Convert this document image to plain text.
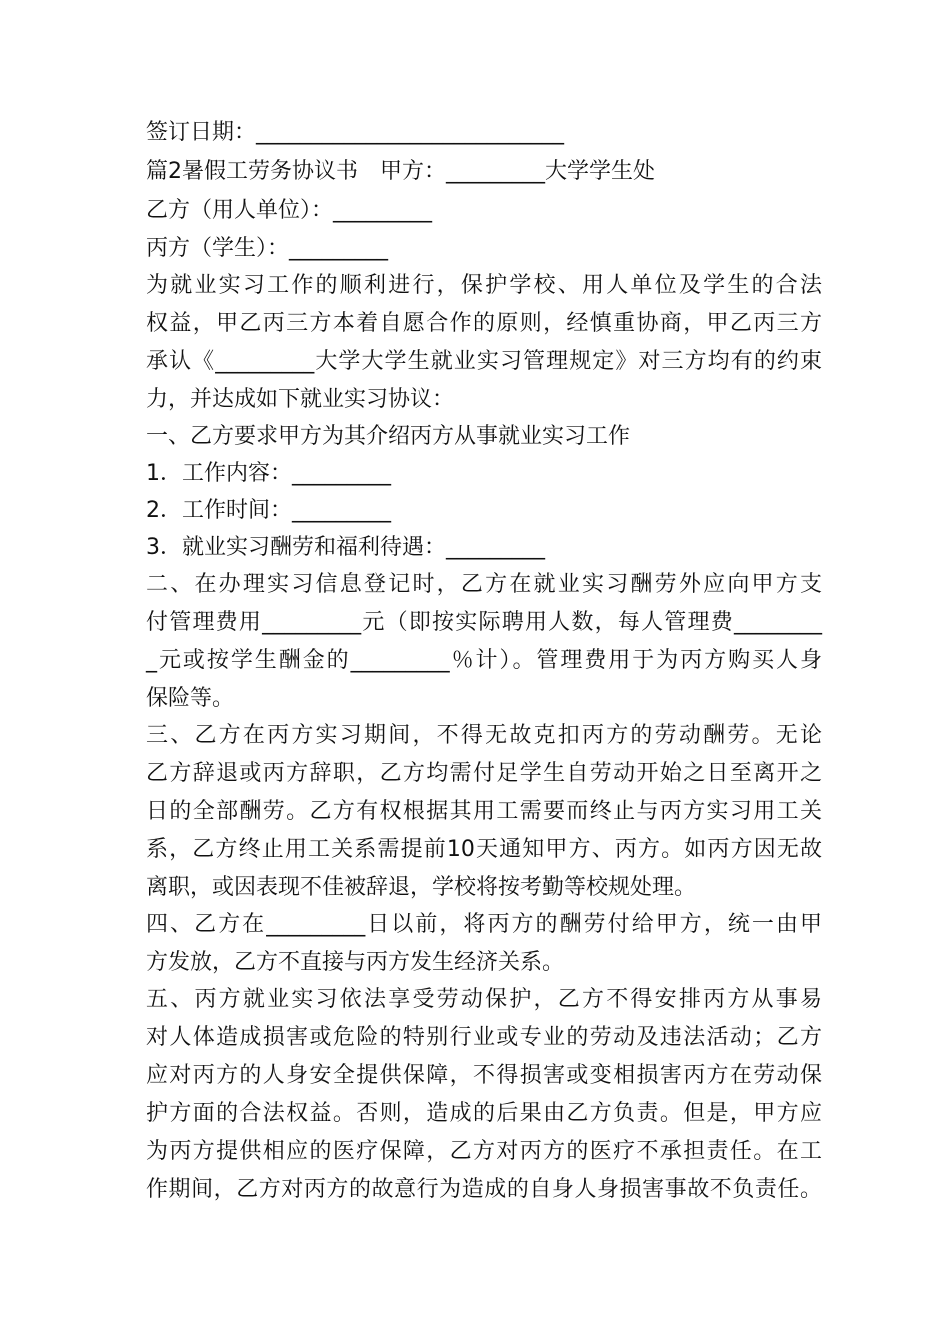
签订日期：____________________________
篇2暑假工劳务协议书　甲方：_________大学学生处
乙方（用人单位）：_________
丙方（学生）：_________
为就业实习工作的顺利进行，保护学校、用人单位及学生的合法
权益，甲乙丙三方本着自愿合作的原则，经慎重协商，甲乙丙三方
承认《_________大学大学生就业实习管理规定》对三方均有的约束
力，并达成如下就业实习协议：
一、乙方要求甲方为其介绍丙方从事就业实习工作
1．工作内容：_________
2．工作时间：_________
3．就业实习酬劳和福利待遇：_________
二、在办理实习信息登记时，乙方在就业实习酬劳外应向甲方支
付管理费用_________元（即按实际聘用人数，每人管理费________
_元或按学生酬金的_________％计）。管理费用于为丙方购买人身
保险等。
三、乙方在丙方实习期间，不得无故克扣丙方的劳动酬劳。无论
乙方辞退或丙方辞职，乙方均需付足学生自劳动开始之日至离开之
日的全部酬劳。乙方有权根据其用工需要而终止与丙方实习用工关
系，乙方终止用工关系需提前10天通知甲方、丙方。如丙方因无故
离职，或因表现不佳被辞退，学校将按考勤等校规处理。
四、乙方在_________日以前，将丙方的酬劳付给甲方，统一由甲
方发放，乙方不直接与丙方发生经济关系。
五、丙方就业实习依法享受劳动保护，乙方不得安排丙方从事易
对人体造成损害或危险的特别行业或专业的劳动及违法活动；乙方
应对丙方的人身安全提供保障，不得损害或变相损害丙方在劳动保
护方面的合法权益。否则，造成的后果由乙方负责。但是，甲方应
为丙方提供相应的医疗保障，乙方对丙方的医疗不承担责任。在工
作期间，乙方对丙方的故意行为造成的自身人身损害事故不负责任。
